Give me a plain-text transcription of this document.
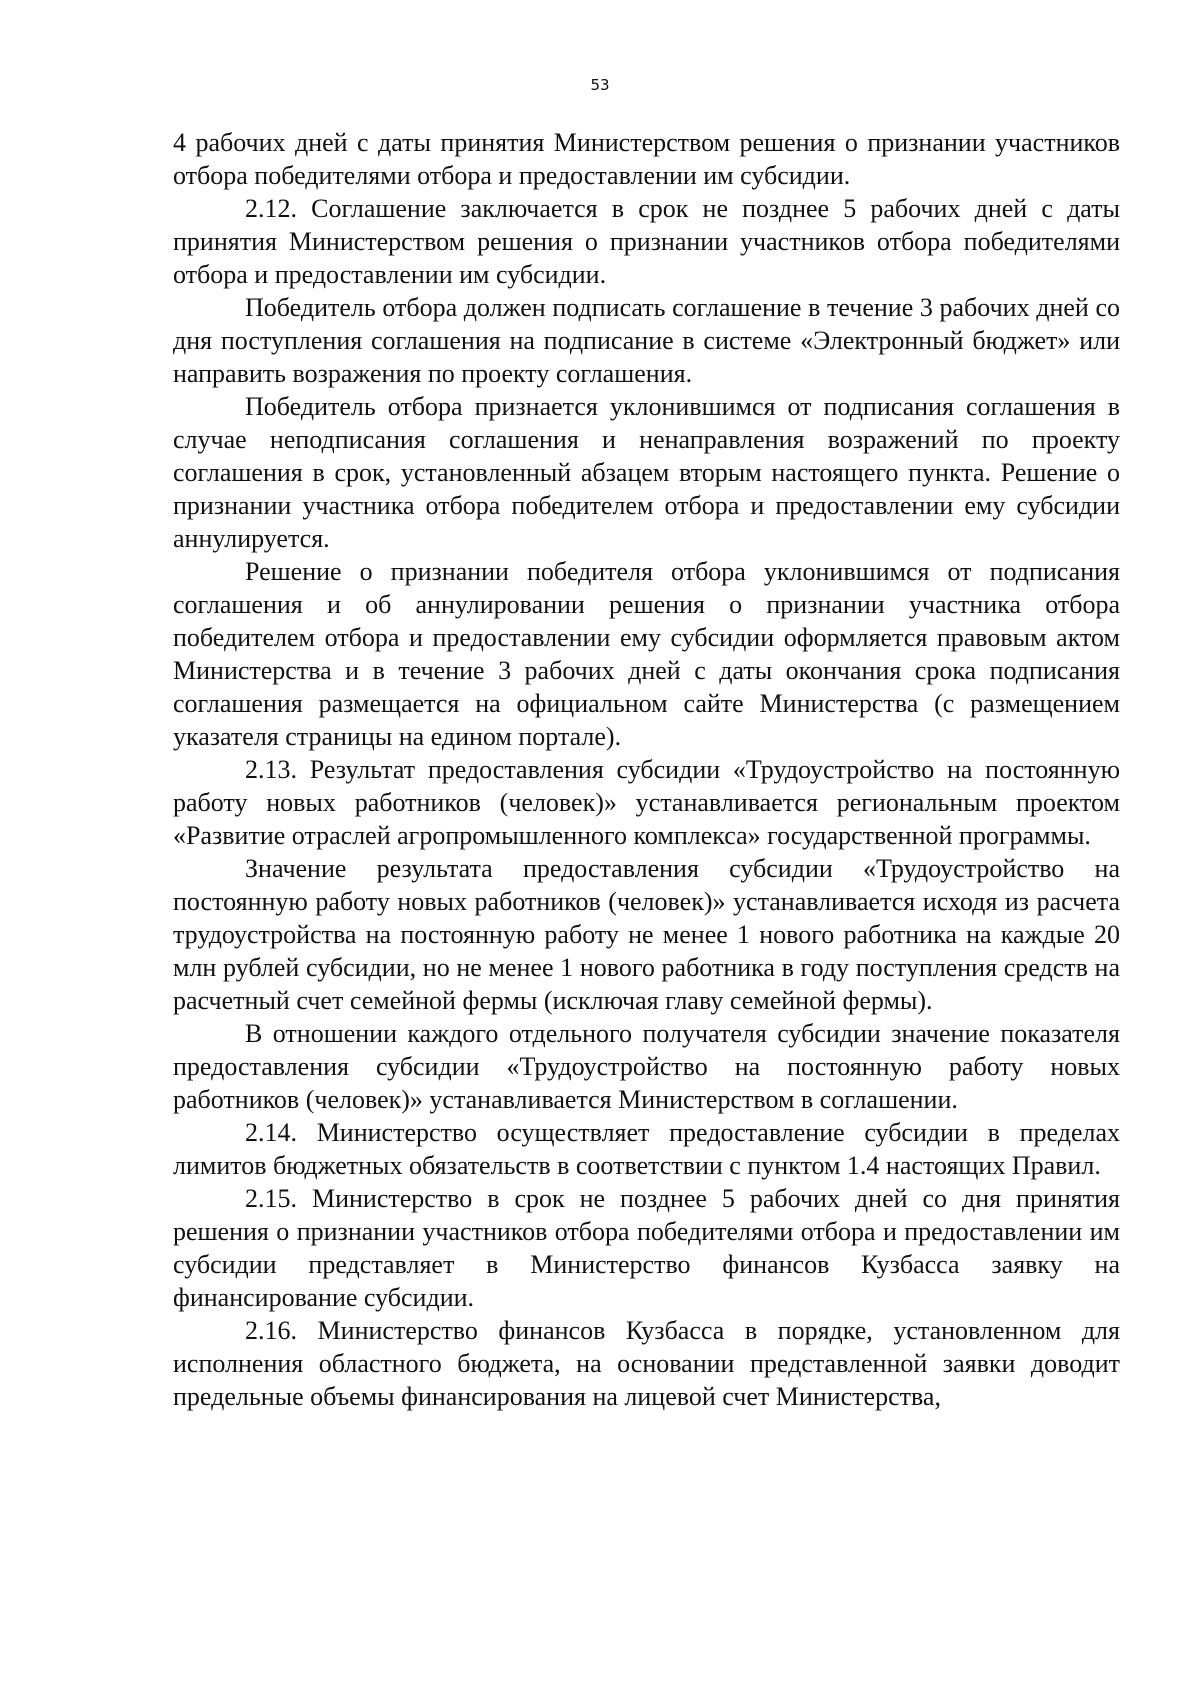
53

4 рабочих дней с даты принятия Министерством решения о признании участников отбора победителями отбора и предоставлении им субсидии.

2.12. Соглашение заключается в срок не позднее 5 рабочих дней с даты принятия Министерством решения о признании участников отбора победителями отбора и предоставлении им субсидии.

Победитель отбора должен подписать соглашение в течение 3 рабочих дней со дня поступления соглашения на подписание в системе «Электронный бюджет» или направить возражения по проекту соглашения.

Победитель отбора признается уклонившимся от подписания соглашения в случае неподписания соглашения и ненаправления возражений по проекту соглашения в срок, установленный абзацем вторым настоящего пункта. Решение о признании участника отбора победителем отбора и предоставлении ему субсидии аннулируется.

Решение о признании победителя отбора уклонившимся от подписания соглашения и об аннулировании решения о признании участника отбора победителем отбора и предоставлении ему субсидии оформляется правовым актом Министерства и в течение 3 рабочих дней с даты окончания срока подписания соглашения размещается на официальном сайте Министерства (с размещением указателя страницы на едином портале).

2.13. Результат предоставления субсидии «Трудоустройство на постоянную работу новых работников (человек)» устанавливается региональным проектом «Развитие отраслей агропромышленного комплекса» государственной программы.

Значение результата предоставления субсидии «Трудоустройство на постоянную работу новых работников (человек)» устанавливается исходя из расчета трудоустройства на постоянную работу не менее 1 нового работника на каждые 20 млн рублей субсидии, но не менее 1 нового работника в году поступления средств на расчетный счет семейной фермы (исключая главу семейной фермы).

В отношении каждого отдельного получателя субсидии значение показателя предоставления субсидии «Трудоустройство на постоянную работу новых работников (человек)» устанавливается Министерством в соглашении.

2.14. Министерство осуществляет предоставление субсидии в пределах лимитов бюджетных обязательств в соответствии с пунктом 1.4 настоящих Правил.

2.15. Министерство в срок не позднее 5 рабочих дней со дня принятия решения о признании участников отбора победителями отбора и предоставлении им субсидии представляет в Министерство финансов Кузбасса заявку на финансирование субсидии.

2.16. Министерство финансов Кузбасса в порядке, установленном для исполнения областного бюджета, на основании представленной заявки доводит предельные объемы финансирования на лицевой счет Министерства,
